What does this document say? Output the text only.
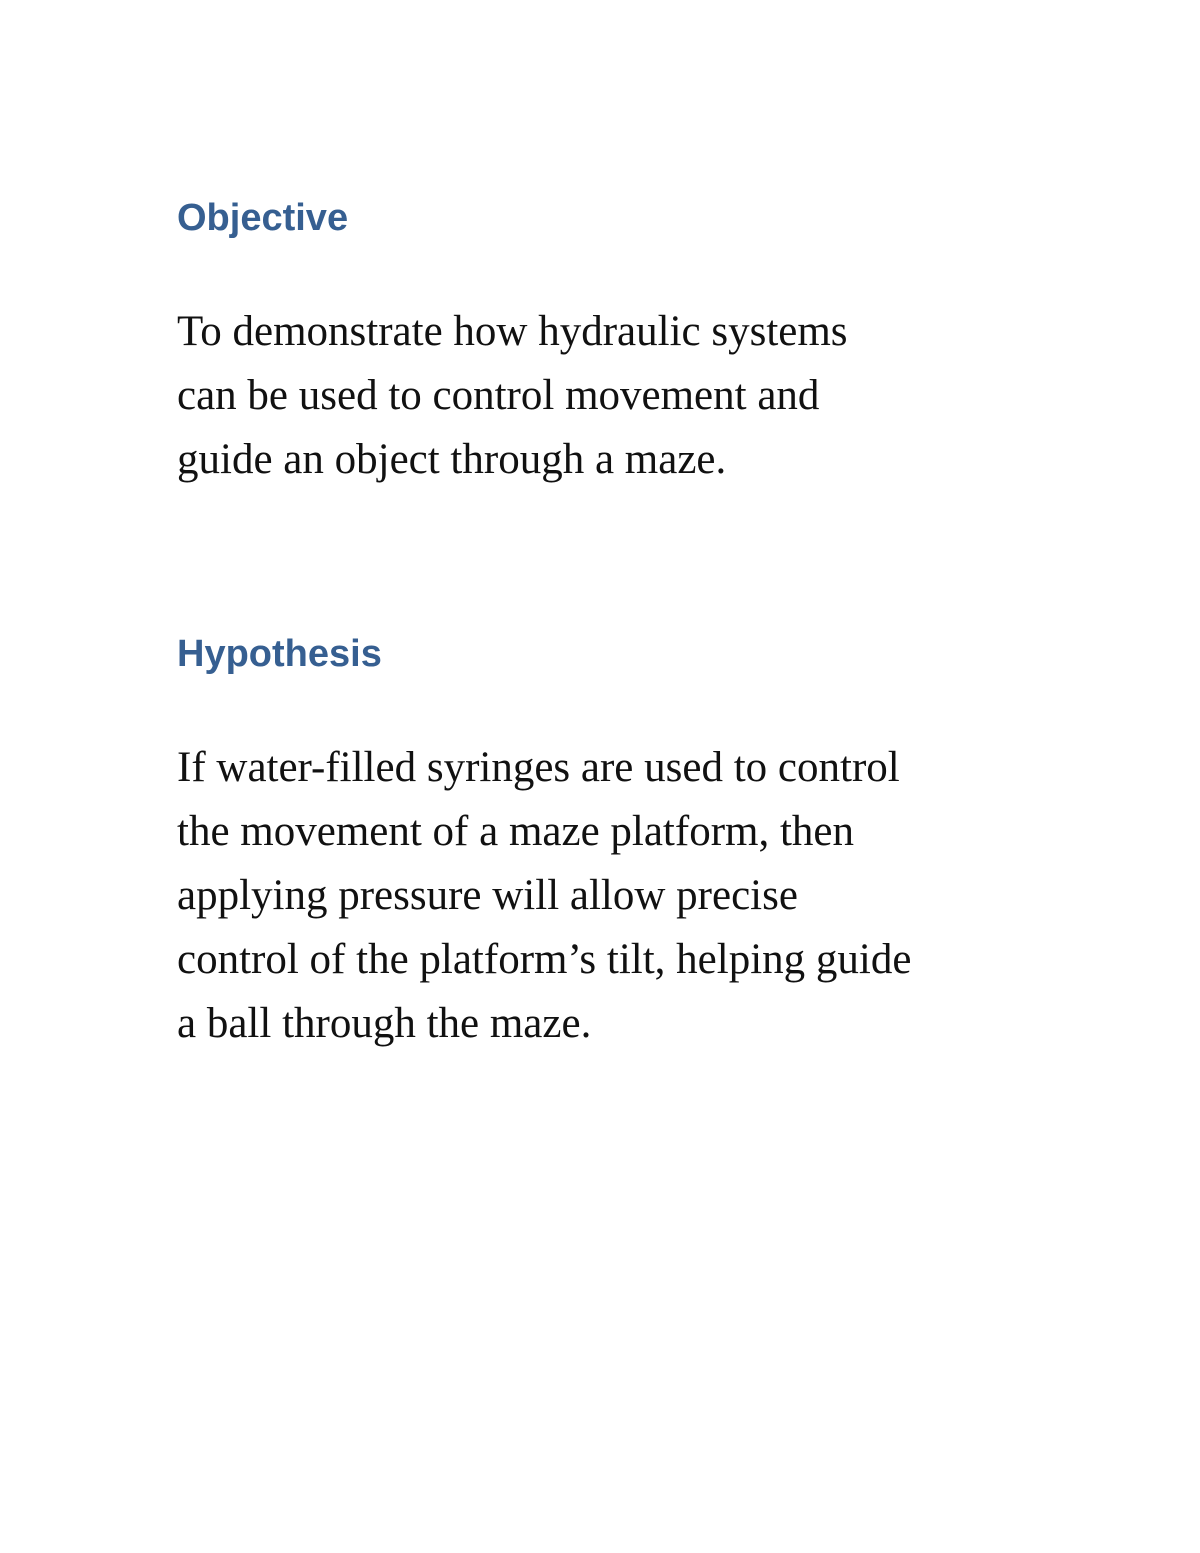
Objective

To demonstrate how hydraulic systems
can be used to control movement and
guide an object through a maze.

Hypothesis

If water-filled syringes are used to control
the movement of a maze platform, then
applying pressure will allow precise
control of the platform’s tilt, helping guide
a ball through the maze.
